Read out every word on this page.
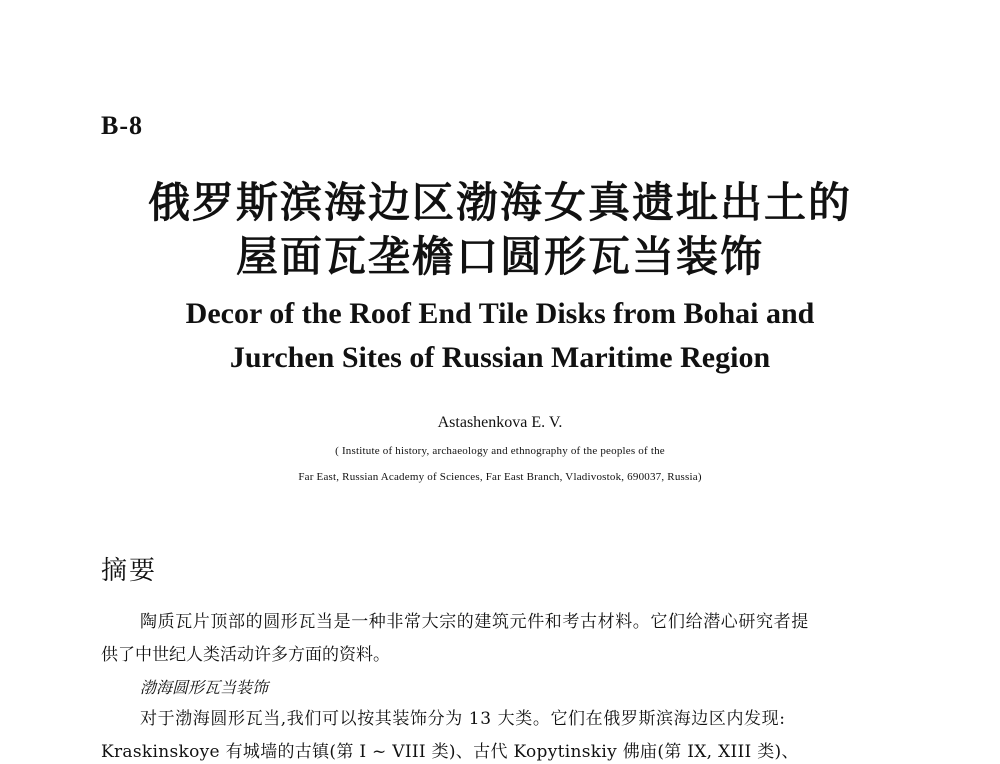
B-8
俄罗斯滨海边区渤海女真遗址出土的
屋面瓦垄檐口圆形瓦当装饰
Decor of the Roof End Tile Disks from Bohai and
Jurchen Sites of Russian Maritime Region
Astashenkova E. V.
( Institute of history, archaeology and ethnography of the peoples of the
Far East, Russian Academy of Sciences, Far East Branch, Vladivostok, 690037, Russia)
摘要
陶质瓦片顶部的圆形瓦当是一种非常大宗的建筑元件和考古材料。它们给潜心研究者提
供了中世纪人类活动许多方面的资料。
渤海圆形瓦当装饰
对于渤海圆形瓦当,我们可以按其装饰分为 13 大类。它们在俄罗斯滨海边区内发现:
Kraskinskoye 有城墙的古镇(第 I ~ VIII 类)、古代 Kopytinskiy 佛庙(第 IX, XIII 类)、
